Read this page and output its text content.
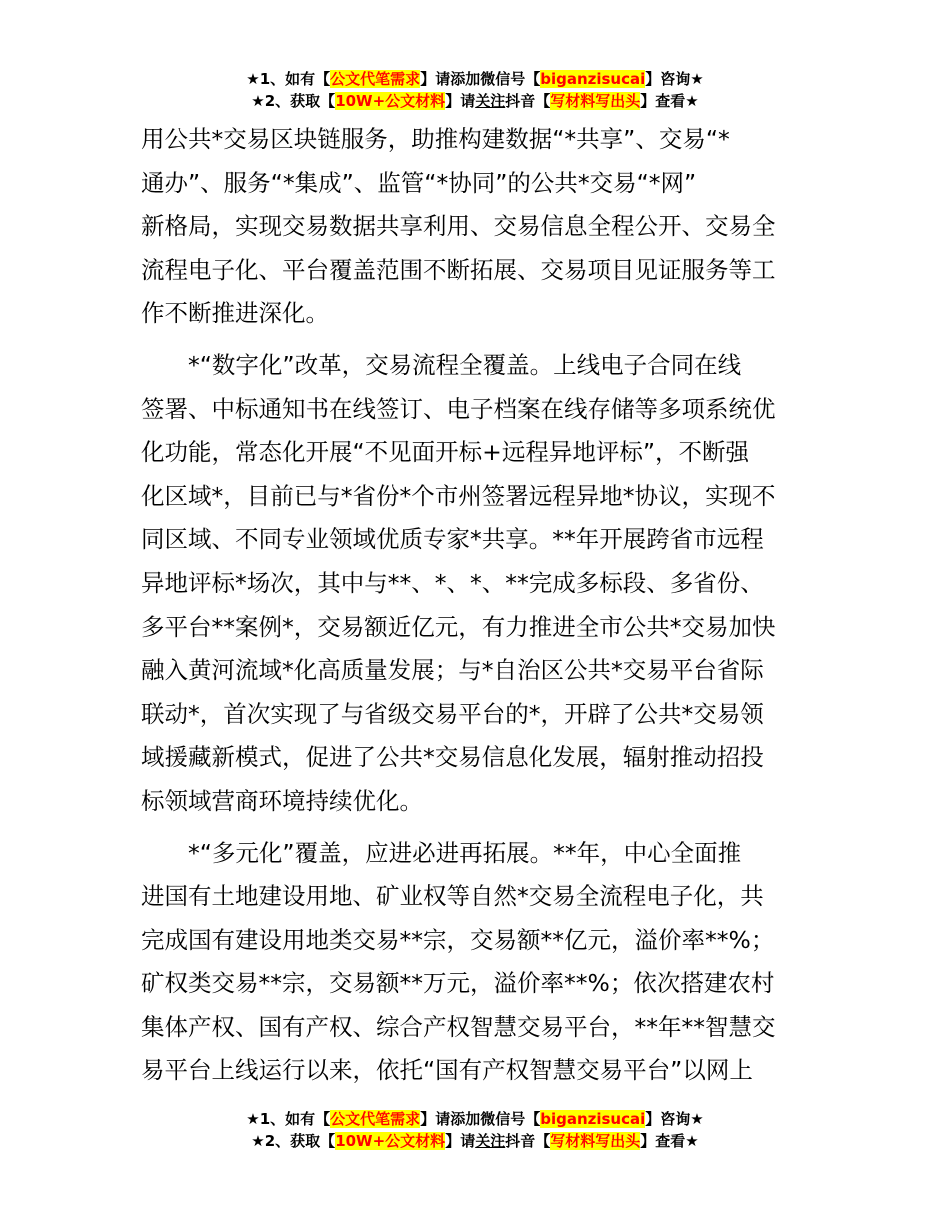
★1、如有【公文代笔需求】请添加微信号【biganzisucai】咨询★
★2、获取【10W+公文材料】请关注抖音【写材料写出头】查看★

用公共*交易区块链服务，助推构建数据“*共享”、交易“*
通办”、服务“*集成”、监管“*协同”的公共*交易“*网”
新格局，实现交易数据共享利用、交易信息全程公开、交易全
流程电子化、平台覆盖范围不断拓展、交易项目见证服务等工
作不断推进深化。

*“数字化”改革，交易流程全覆盖。上线电子合同在线
签署、中标通知书在线签订、电子档案在线存储等多项系统优
化功能，常态化开展“不见面开标+远程异地评标”，不断强
化区域*，目前已与*省份*个市州签署远程异地*协议，实现不
同区域、不同专业领域优质专家*共享。**年开展跨省市远程
异地评标*场次，其中与**、*、*、**完成多标段、多省份、
多平台**案例*，交易额近亿元，有力推进全市公共*交易加快
融入黄河流域*化高质量发展；与*自治区公共*交易平台省际
联动*，首次实现了与省级交易平台的*，开辟了公共*交易领
域援藏新模式，促进了公共*交易信息化发展，辐射推动招投
标领域营商环境持续优化。

*“多元化”覆盖，应进必进再拓展。**年，中心全面推
进国有土地建设用地、矿业权等自然*交易全流程电子化，共
完成国有建设用地类交易**宗，交易额**亿元，溢价率**%；
矿权类交易**宗，交易额**万元，溢价率**%；依次搭建农村
集体产权、国有产权、综合产权智慧交易平台，**年**智慧交
易平台上线运行以来，依托“国有产权智慧交易平台”以网上

★1、如有【公文代笔需求】请添加微信号【biganzisucai】咨询★
★2、获取【10W+公文材料】请关注抖音【写材料写出头】查看★
